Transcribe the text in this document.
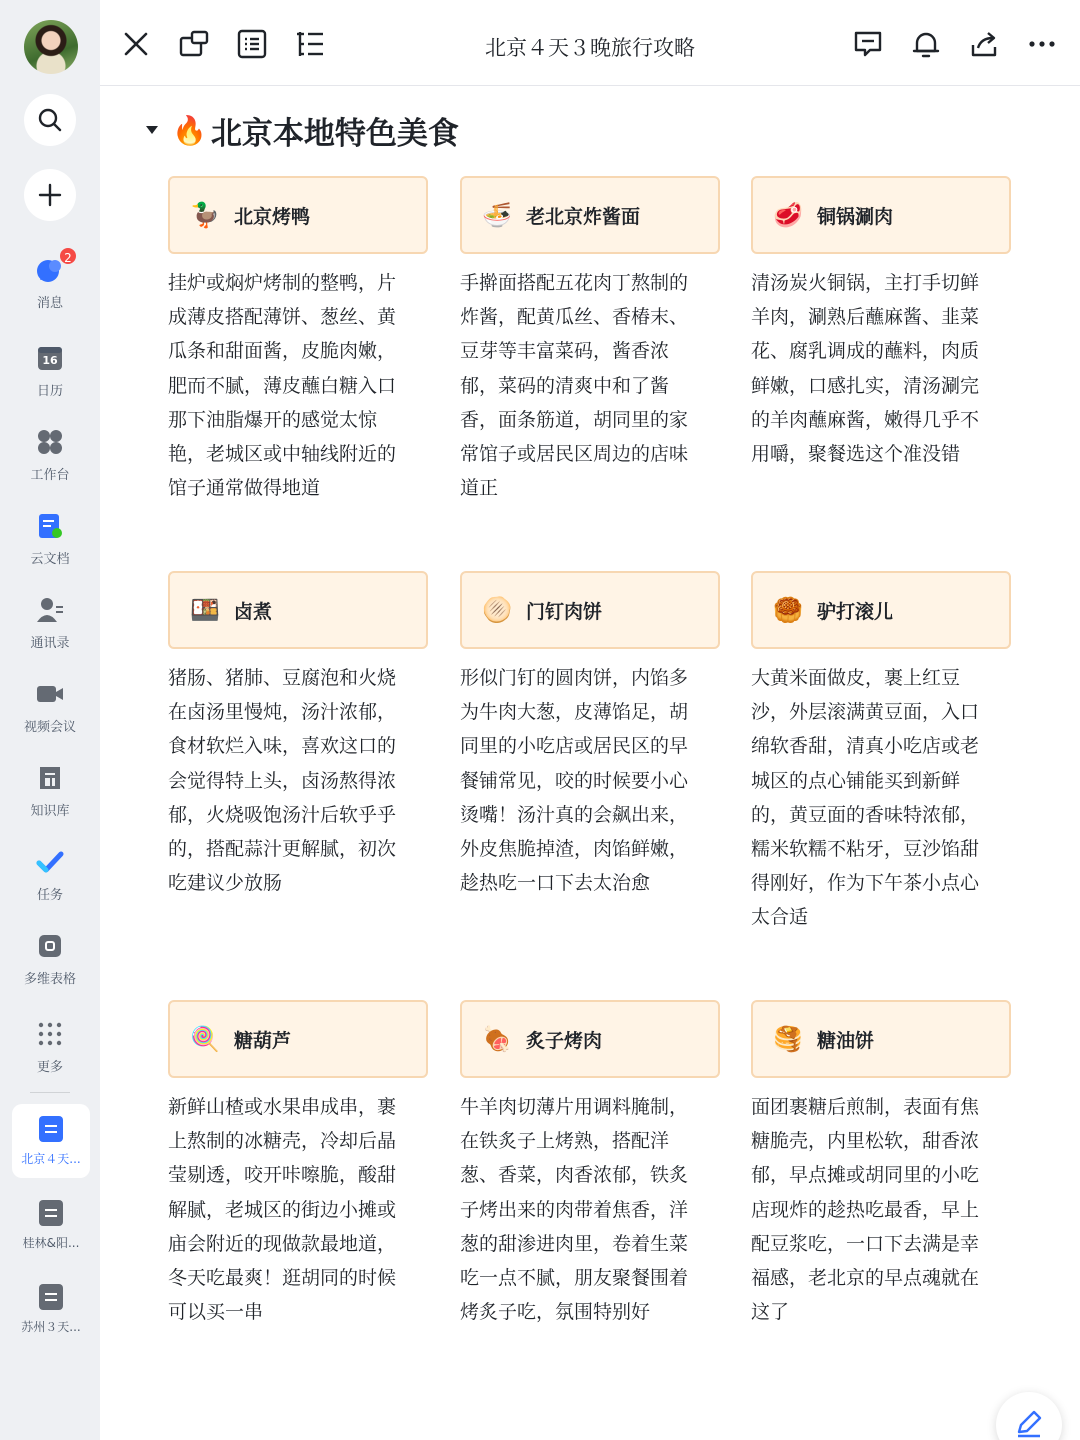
2
消息
16
日历
工作台
云文档
通讯录
视频会议
知识库
任务
多维表格
更多
北京４天...
桂林&阳...
苏州３天...
北京４天３晚旅行攻略
🔥 北京本地特色美食
🦆 北京烤鸭
挂炉或焖炉烤制的整鸭，片
成薄皮搭配薄饼、葱丝、黄
瓜条和甜面酱，皮脆肉嫩，
肥而不腻，薄皮蘸白糖入口
那下油脂爆开的感觉太惊
艳，老城区或中轴线附近的
馆子通常做得地道
🍜 老北京炸酱面
手擀面搭配五花肉丁熬制的
炸酱，配黄瓜丝、香椿末、
豆芽等丰富菜码，酱香浓
郁，菜码的清爽中和了酱
香，面条筋道，胡同里的家
常馆子或居民区周边的店味
道正
🥩 铜锅涮肉
清汤炭火铜锅，主打手切鲜
羊肉，涮熟后蘸麻酱、韭菜
花、腐乳调成的蘸料，肉质
鲜嫩，口感扎实，清汤涮完
的羊肉蘸麻酱，嫩得几乎不
用嚼，聚餐选这个准没错
🍱 卤煮
猪肠、猪肺、豆腐泡和火烧
在卤汤里慢炖，汤汁浓郁，
食材软烂入味，喜欢这口的
会觉得特上头，卤汤熬得浓
郁，火烧吸饱汤汁后软乎乎
的，搭配蒜汁更解腻，初次
吃建议少放肠
🫓 门钉肉饼
形似门钉的圆肉饼，内馅多
为牛肉大葱，皮薄馅足，胡
同里的小吃店或居民区的早
餐铺常见，咬的时候要小心
烫嘴！汤汁真的会飙出来，
外皮焦脆掉渣，肉馅鲜嫩，
趁热吃一口下去太治愈
🥮 驴打滚儿
大黄米面做皮，裹上红豆
沙，外层滚满黄豆面，入口
绵软香甜，清真小吃店或老
城区的点心铺能买到新鲜
的，黄豆面的香味特浓郁，
糯米软糯不粘牙，豆沙馅甜
得刚好，作为下午茶小点心
太合适
🍭 糖葫芦
新鲜山楂或水果串成串，裹
上熬制的冰糖壳，冷却后晶
莹剔透，咬开咔嚓脆，酸甜
解腻，老城区的街边小摊或
庙会附近的现做款最地道，
冬天吃最爽！逛胡同的时候
可以买一串
🍖 炙子烤肉
牛羊肉切薄片用调料腌制，
在铁炙子上烤熟，搭配洋
葱、香菜，肉香浓郁，铁炙
子烤出来的肉带着焦香，洋
葱的甜渗进肉里，卷着生菜
吃一点不腻，朋友聚餐围着
烤炙子吃，氛围特别好
🥞 糖油饼
面团裹糖后煎制，表面有焦
糖脆壳，内里松软，甜香浓
郁，早点摊或胡同里的小吃
店现炸的趁热吃最香，早上
配豆浆吃，一口下去满是幸
福感，老北京的早点魂就在
这了
